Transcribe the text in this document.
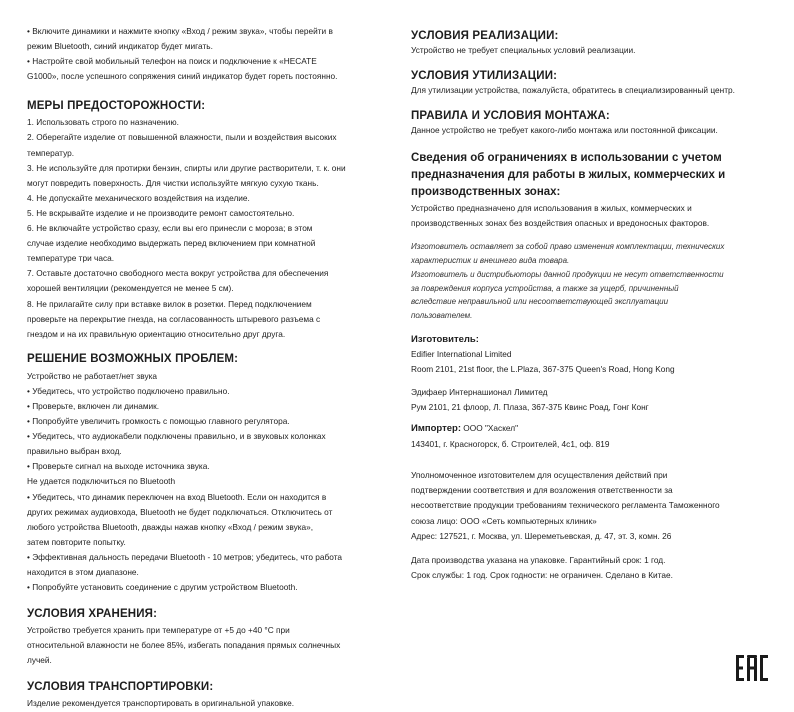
• Включите динамики и нажмите кнопку «Вход / режим звука», чтобы перейти в

режим Bluetooth, синий индикатор будет мигать.

• Настройте свой мобильный телефон на поиск и подключение к «HECATE

G1000», после успешного сопряжения синий индикатор будет гореть постоянно.

МЕРЫ ПРЕДОСТОРОЖНОСТИ:

1. Использовать строго по назначению.

2. Оберегайте изделие от повышенной влажности, пыли и воздействия высоких

температур.

3. Не используйте для протирки бензин, спирты или другие растворители, т. к. они

могут повредить поверхность. Для чистки используйте мягкую сухую ткань.

4. Не допускайте механического воздействия на изделие.

5. Не вскрывайте изделие и не производите ремонт самостоятельно.

6. Не включайте устройство сразу, если вы его принесли с мороза; в этом

случае изделие необходимо выдержать перед включением при комнатной

температуре три часа.

7. Оставьте достаточно свободного места вокруг устройства для обеспечения

хорошей вентиляции (рекомендуется не менее 5 см).

8. Не прилагайте силу при вставке вилок в розетки. Перед подключением

проверьте на перекрытие гнезда, на согласованность штыревого разъема с

гнездом и на их правильную ориентацию относительно друг друга.

РЕШЕНИЕ ВОЗМОЖНЫХ ПРОБЛЕМ:

Устройство не работает/нет звука

• Убедитесь, что устройство подключено правильно.

• Проверьте, включен ли динамик.

• Попробуйте увеличить громкость с помощью главного регулятора.

• Убедитесь, что аудиокабели подключены правильно, и в звуковых колонках

правильно выбран вход.

• Проверьте сигнал на выходе источника звука.

Не удается подключиться по Bluetooth

• Убедитесь, что динамик переключен на вход Bluetooth. Если он находится в

других режимах аудиовхода, Bluetooth не будет подключаться. Отключитесь от

любого устройства Bluetooth, дважды нажав кнопку «Вход / режим звука»,

затем повторите попытку.

• Эффективная дальность передачи Bluetooth - 10 метров; убедитесь, что работа

находится в этом диапазоне.

• Попробуйте установить соединение с другим устройством Bluetooth.

УСЛОВИЯ ХРАНЕНИЯ:

Устройство требуется хранить при температуре от +5 до +40 °C при

относительной влажности не более 85%, избегать попадания прямых солнечных

лучей.

УСЛОВИЯ ТРАНСПОРТИРОВКИ:

Изделие рекомендуется транспортировать в оригинальной упаковке.

УСЛОВИЯ РЕАЛИЗАЦИИ:

Устройство не требует специальных условий реализации.

УСЛОВИЯ УТИЛИЗАЦИИ:

Для утилизации устройства, пожалуйста, обратитесь в специализированный центр.

ПРАВИЛА И УСЛОВИЯ МОНТАЖА:

Данное устройство не требует какого-либо монтажа или постоянной фиксации.

Сведения об ограничениях в использовании с учетом
предназначения для работы в жилых, коммерческих и
производственных зонах:

Устройство предназначено для использования в жилых, коммерческих и

производственных зонах без воздействия опасных и вредоносных факторов.

Изготовитель оставляет за собой право изменения комплектации, технических

характеристик и внешнего вида товара.

Изготовитель и дистрибьюторы данной продукции не несут ответственности

за повреждения корпуса устройства, а также за ущерб, причиненный

вследствие неправильной или несоответствующей эксплуатации

пользователем.

Изготовитель:

Edifier International Limited

Room 2101, 21st floor, the L.Plaza, 367-375 Queen's Road, Hong Kong

Эдифаер Интернашионал Лимитед

Рум 2101, 21 флоор, Л. Плаза, 367-375 Квинс Роад, Гонг Конг

Импортер: ООО "Хаскел"

143401, г. Красногорск, б. Строителей, 4с1, оф. 819

Уполномоченное изготовителем для осуществления действий при

подтверждении соответствия и для возложения ответственности за

несоответствие продукции требованиям технического регламента Таможенного

союза лицо: ООО «Сеть компьютерных клиник»

Адрес: 127521, г. Москва, ул. Шереметьевская, д. 47, эт. 3, комн. 26

Дата производства указана на упаковке. Гарантийный срок: 1 год.

Срок службы: 1 год. Срок годности: не ограничен. Сделано в Китае.
